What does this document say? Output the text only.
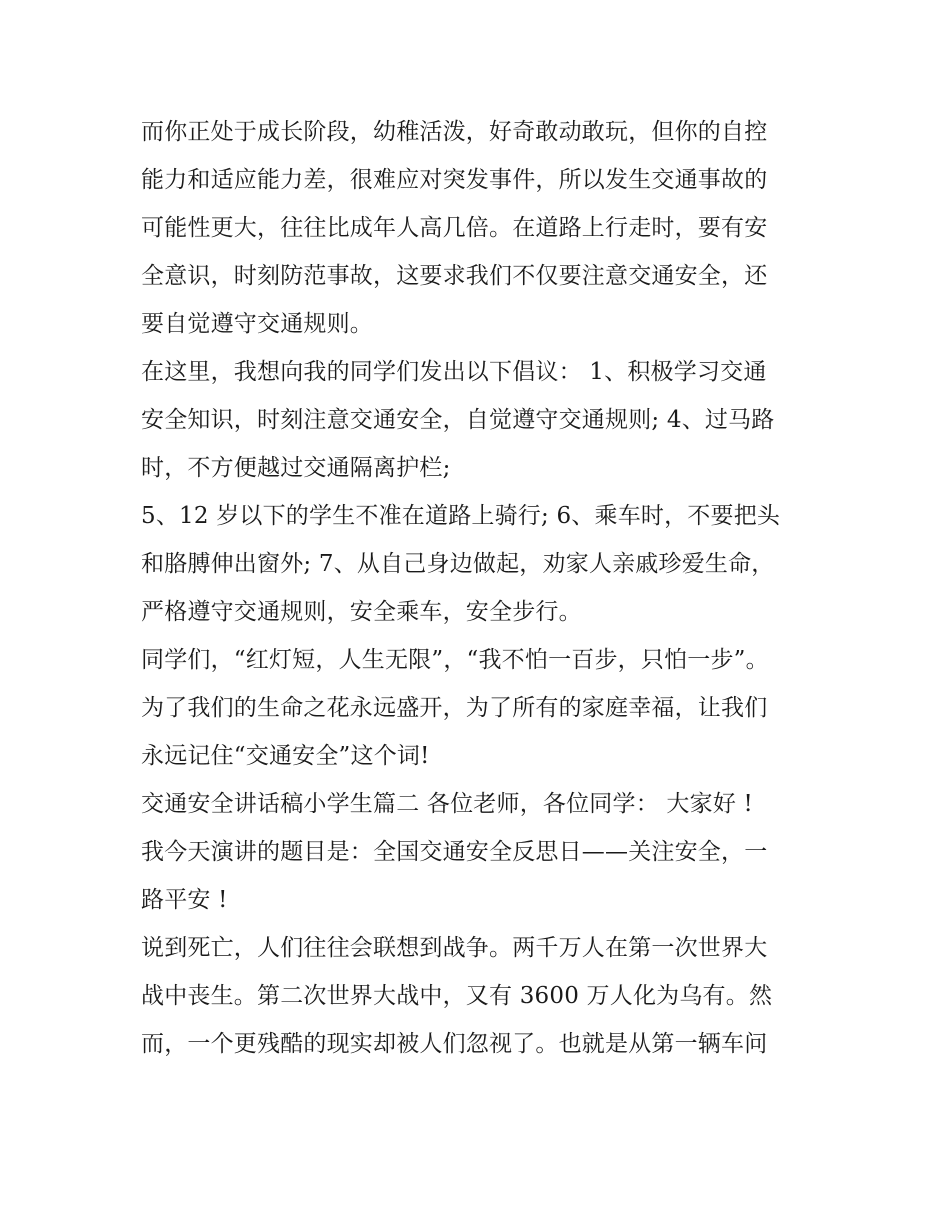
而你正处于成长阶段，幼稚活泼，好奇敢动敢玩，但你的自控
能力和适应能力差，很难应对突发事件，所以发生交通事故的
可能性更大，往往比成年人高几倍。在道路上行走时，要有安
全意识，时刻防范事故，这要求我们不仅要注意交通安全，还
要自觉遵守交通规则。
在这里，我想向我的同学们发出以下倡议： 1、积极学习交通
安全知识，时刻注意交通安全，自觉遵守交通规则; 4、过马路
时，不方便越过交通隔离护栏;
5、12 岁以下的学生不准在道路上骑行; 6、乘车时，不要把头
和胳膊伸出窗外; 7、从自己身边做起，劝家人亲戚珍爱生命，
严格遵守交通规则，安全乘车，安全步行。
同学们，“红灯短，人生无限”，“我不怕一百步，只怕一步”。
为了我们的生命之花永远盛开，为了所有的家庭幸福，让我们
永远记住“交通安全”这个词!
交通安全讲话稿小学生篇二 各位老师，各位同学： 大家好 !
我今天演讲的题目是：全国交通安全反思日——关注安全，一
路平安 !
说到死亡，人们往往会联想到战争。两千万人在第一次世界大
战中丧生。第二次世界大战中，又有 3600 万人化为乌有。然
而，一个更残酷的现实却被人们忽视了。也就是从第一辆车问
